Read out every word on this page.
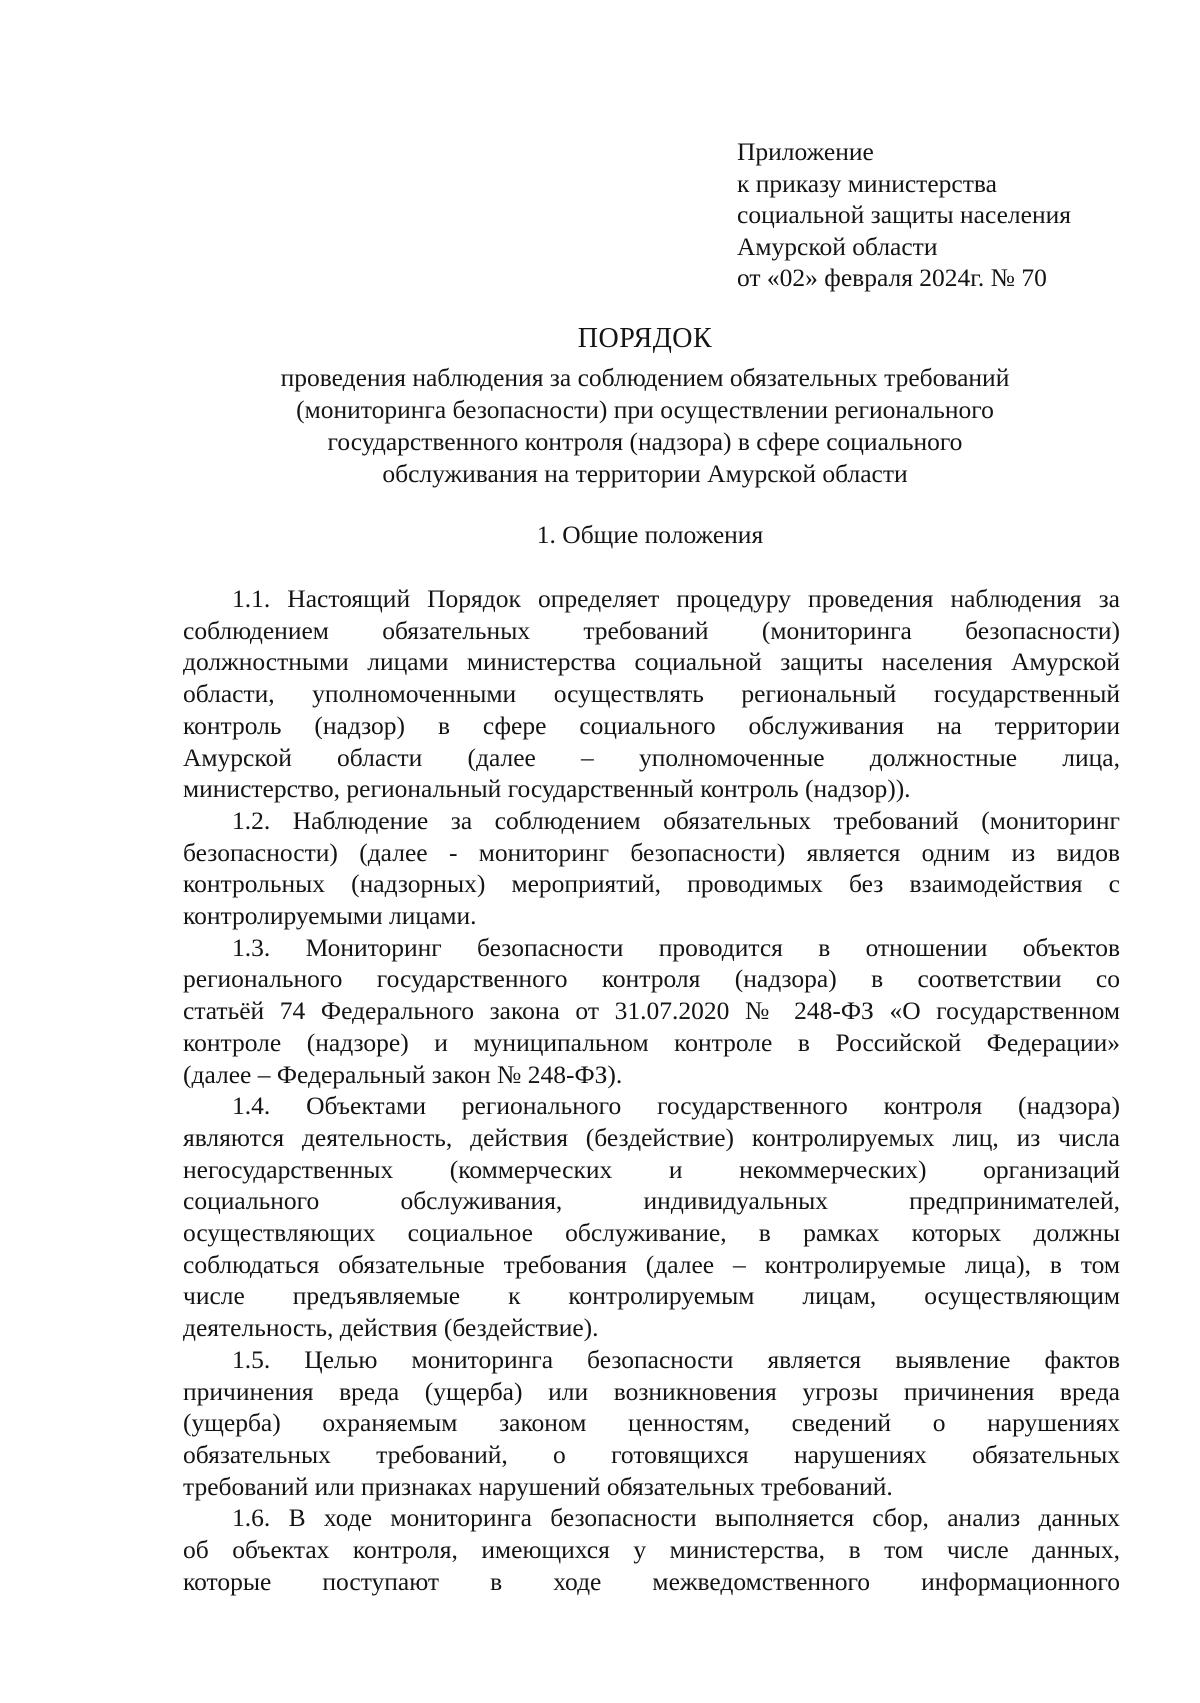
Приложение
к приказу министерства
социальной защиты населения
Амурской области
от «02» февраля 2024г. № 70
ПОРЯДОК
проведения наблюдения за соблюдением обязательных требований
(мониторинга безопасности) при осуществлении регионального
государственного контроля (надзора) в сфере социального
обслуживания на территории Амурской области
1. Общие положения

1.1. Настоящий Порядок определяет процедуру проведения наблюдения за
соблюдением обязательных требований (мониторинга безопасности)
должностными лицами министерства социальной защиты населения Амурской
области, уполномоченными осуществлять региональный государственный
контроль (надзор) в сфере социального обслуживания на территории
Амурской области (далее – уполномоченные должностные лица,
министерство, региональный государственный контроль (надзор)).

1.2. Наблюдение за соблюдением обязательных требований (мониторинг
безопасности) (далее - мониторинг безопасности) является одним из видов
контрольных (надзорных) мероприятий, проводимых без взаимодействия с
контролируемыми лицами.

1.3. Мониторинг безопасности проводится в отношении объектов
регионального государственного контроля (надзора) в соответствии со
статьёй 74 Федерального закона от 31.07.2020 № 248-ФЗ «О государственном
контроле (надзоре) и муниципальном контроле в Российской Федерации»
(далее – Федеральный закон № 248-ФЗ).

1.4. Объектами регионального государственного контроля (надзора)
являются деятельность, действия (бездействие) контролируемых лиц, из числа
негосударственных (коммерческих и некоммерческих) организаций
социального обслуживания, индивидуальных предпринимателей,
осуществляющих социальное обслуживание, в рамках которых должны
соблюдаться обязательные требования (далее – контролируемые лица), в том
числе предъявляемые к контролируемым лицам, осуществляющим
деятельность, действия (бездействие).

1.5. Целью мониторинга безопасности является выявление фактов
причинения вреда (ущерба) или возникновения угрозы причинения вреда
(ущерба) охраняемым законом ценностям, сведений о нарушениях
обязательных требований, о готовящихся нарушениях обязательных
требований или признаках нарушений обязательных требований.

1.6. В ходе мониторинга безопасности выполняется сбор, анализ данных
об объектах контроля, имеющихся у министерства, в том числе данных,
которые поступают в ходе межведомственного информационного
